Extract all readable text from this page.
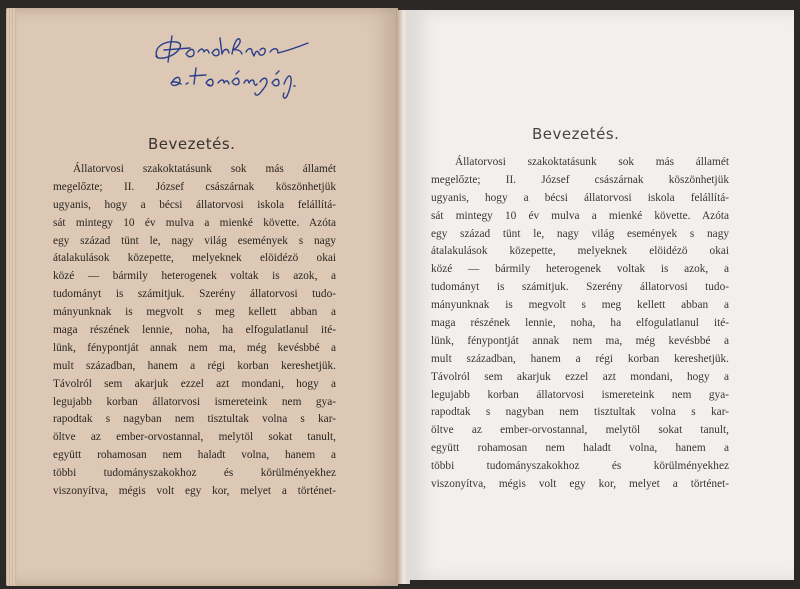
Bevezetés.
Állatorvosi szakoktatásunk sok más államét
megelőzte; II. József császárnak köszönhetjük
ugyanis, hogy a bécsi állatorvosi iskola felállítá-
sát mintegy 10 év mulva a mienké követte. Azóta
egy század tünt le, nagy világ események s nagy
átalakulások közepette, melyeknek elöidézö okai
közé — bármily heterogenek voltak is azok, a
tudományt is számitjuk. Szerény állatorvosi tudo-
mányunknak is megvolt s meg kellett abban a
maga részének lennie, noha, ha elfogulatlanul ité-
lünk, fénypontját annak nem ma, még kevésbbé a
mult században, hanem a régi korban kereshetjük.
Távolról sem akarjuk ezzel azt mondani, hogy a
legujabb korban állatorvosi ismereteink nem gya-
rapodtak s nagyban nem tisztultak volna s kar-
öltve az ember-orvostannal, melytöl sokat tanult,
együtt rohamosan nem haladt volna, hanem a
többi tudományszakokhoz és körülményekhez
viszonyítva, mégis volt egy kor, melyet a történet-
Bevezetés.
Állatorvosi szakoktatásunk sok más államét
megelőzte; II. József császárnak köszönhetjük
ugyanis, hogy a bécsi állatorvosi iskola felállítá-
sát mintegy 10 év mulva a mienké követte. Azóta
egy század tünt le, nagy világ események s nagy
átalakulások közepette, melyeknek elöidézö okai
közé — bármily heterogenek voltak is azok, a
tudományt is számitjuk. Szerény állatorvosi tudo-
mányunknak is megvolt s meg kellett abban a
maga részének lennie, noha, ha elfogulatlanul ité-
lünk, fénypontját annak nem ma, még kevésbbé a
mult században, hanem a régi korban kereshetjük.
Távolról sem akarjuk ezzel azt mondani, hogy a
legujabb korban állatorvosi ismereteink nem gya-
rapodtak s nagyban nem tisztultak volna s kar-
öltve az ember-orvostannal, melytöl sokat tanult,
együtt rohamosan nem haladt volna, hanem a
többi tudományszakokhoz és körülményekhez
viszonyítva, mégis volt egy kor, melyet a történet-
